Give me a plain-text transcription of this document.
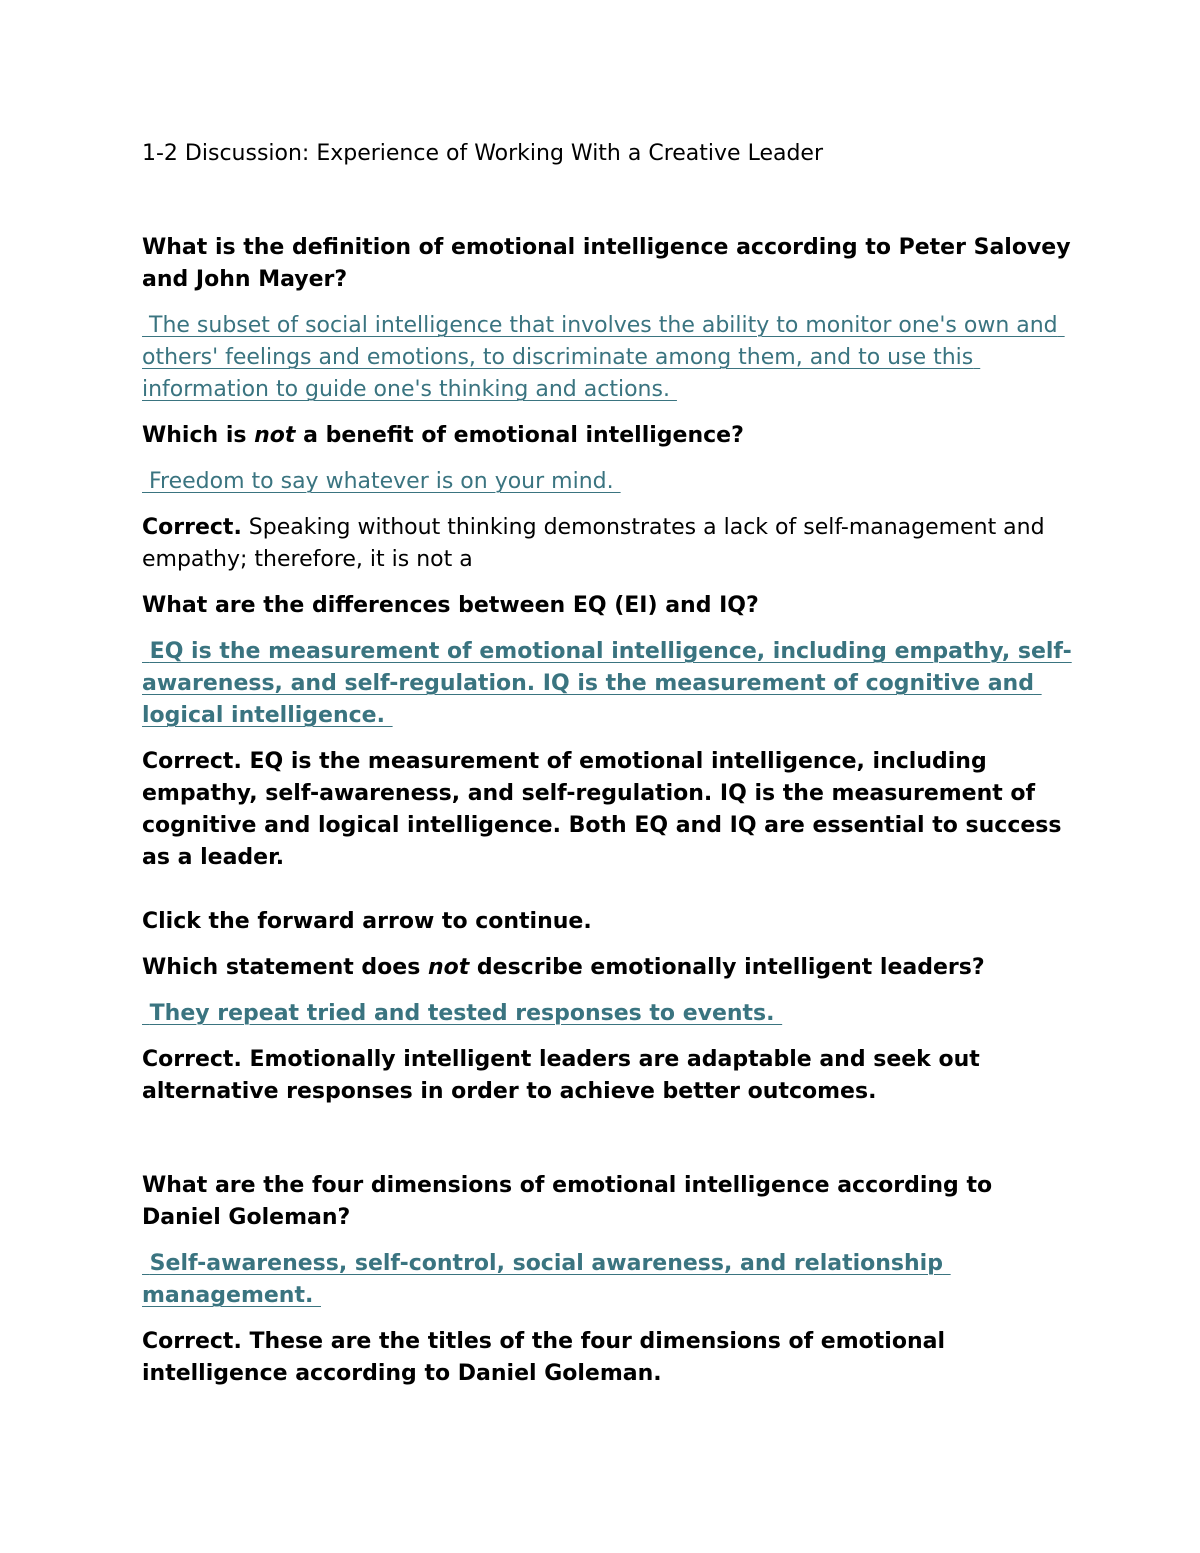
1-2 Discussion: Experience of Working With a Creative Leader

What is the definition of emotional intelligence according to Peter Salovey and John Mayer?

The subset of social intelligence that involves the ability to monitor one's own and others' feelings and emotions, to discriminate among them, and to use this information to guide one's thinking and actions.

Which is not a benefit of emotional intelligence?

Freedom to say whatever is on your mind.

Correct. Speaking without thinking demonstrates a lack of self-management and empathy; therefore, it is not a

What are the differences between EQ (EI) and IQ?

EQ is the measurement of emotional intelligence, including empathy, self-awareness, and self-regulation. IQ is the measurement of cognitive and logical intelligence.

Correct. EQ is the measurement of emotional intelligence, including empathy, self-awareness, and self-regulation. IQ is the measurement of cognitive and logical intelligence. Both EQ and IQ are essential to success as a leader.

Click the forward arrow to continue.

Which statement does not describe emotionally intelligent leaders?

They repeat tried and tested responses to events.

Correct. Emotionally intelligent leaders are adaptable and seek out alternative responses in order to achieve better outcomes.

What are the four dimensions of emotional intelligence according to Daniel Goleman?

Self-awareness, self-control, social awareness, and relationship management.

Correct. These are the titles of the four dimensions of emotional intelligence according to Daniel Goleman.
